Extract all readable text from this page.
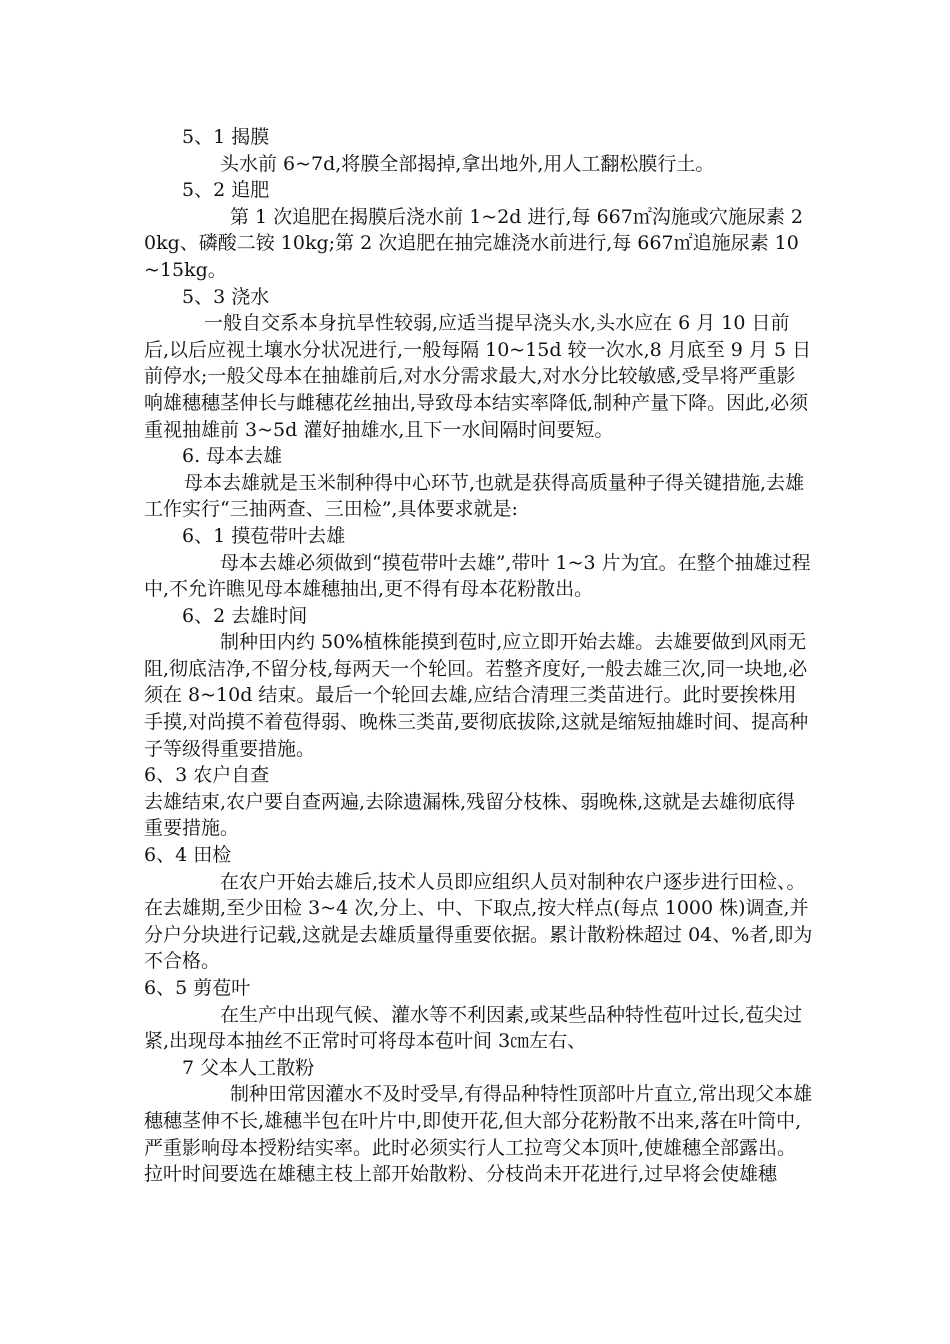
5、1 揭膜

头水前 6~7d,将膜全部揭掉,拿出地外,用人工翻松膜行土。

5、2 追肥

第 1 次追肥在揭膜后浇水前 1~2d 进行,每 667㎡沟施或穴施尿素 20kg、磷酸二铵 10kg;第 2 次追肥在抽完雄浇水前进行,每 667㎡追施尿素 10~15kg。

5、3 浇水

一般自交系本身抗旱性较弱,应适当提早浇头水,头水应在 6 月 10 日前后,以后应视土壤水分状况进行,一般每隔 10~15d 较一次水,8 月底至 9 月 5 日前停水;一般父母本在抽雄前后,对水分需求最大,对水分比较敏感,受旱将严重影响雄穗穗茎伸长与雌穗花丝抽出,导致母本结实率降低,制种产量下降。因此,必须重视抽雄前 3~5d 灌好抽雄水,且下一水间隔时间要短。

6. 母本去雄

母本去雄就是玉米制种得中心环节,也就是获得高质量种子得关键措施,去雄工作实行“三抽两查、三田检”,具体要求就是:

6、1 摸苞带叶去雄

母本去雄必须做到“摸苞带叶去雄”,带叶 1~3 片为宜。在整个抽雄过程中,不允许瞧见母本雄穗抽出,更不得有母本花粉散出。

6、2 去雄时间

制种田内约 50%植株能摸到苞时,应立即开始去雄。去雄要做到风雨无阻,彻底洁净,不留分枝,每两天一个轮回。若整齐度好,一般去雄三次,同一块地,必须在 8~10d 结束。最后一个轮回去雄,应结合清理三类苗进行。此时要挨株用手摸,对尚摸不着苞得弱、晚株三类苗,要彻底拔除,这就是缩短抽雄时间、提高种子等级得重要措施。

6、3 农户自查

去雄结束,农户要自查两遍,去除遗漏株,残留分枝株、弱晚株,这就是去雄彻底得重要措施。

6、4 田检

在农户开始去雄后,技术人员即应组织人员对制种农户逐步进行田检、。在去雄期,至少田检 3~4 次,分上、中、下取点,按大样点(每点 1000 株)调查,并分户分块进行记载,这就是去雄质量得重要依据。累计散粉株超过 04、%者,即为不合格。

6、5 剪苞叶

在生产中出现气候、灌水等不利因素,或某些品种特性苞叶过长,苞尖过紧,出现母本抽丝不正常时可将母本苞叶间 3㎝左右、

7 父本人工散粉

制种田常因灌水不及时受旱,有得品种特性顶部叶片直立,常出现父本雄穗穗茎伸不长,雄穗半包在叶片中,即使开花,但大部分花粉散不出来,落在叶筒中,严重影响母本授粉结实率。此时必须实行人工拉弯父本顶叶,使雄穗全部露出。拉叶时间要选在雄穗主枝上部开始散粉、分枝尚未开花进行,过早将会使雄穗
